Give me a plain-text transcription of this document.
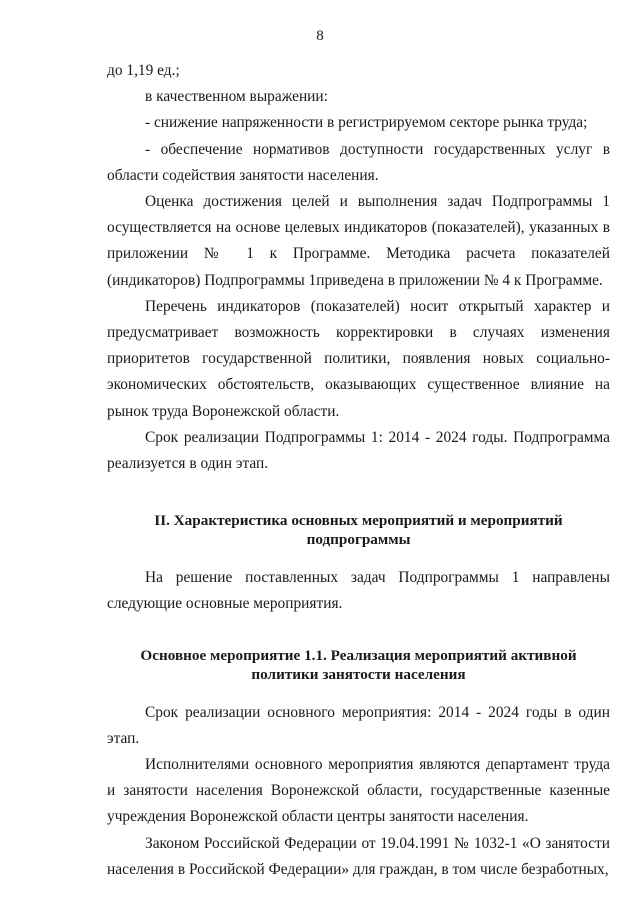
8

до 1,19 ед.;

в качественном выражении:

- снижение напряженности в регистрируемом секторе рынка труда;

- обеспечение нормативов доступности государственных услуг в области содействия занятости населения.

Оценка достижения целей и выполнения задач Подпрограммы 1 осуществляется на основе целевых индикаторов (показателей), указанных в приложении № 1 к Программе. Методика расчета показателей (индикаторов) Подпрограммы 1приведена в приложении № 4 к Программе.

Перечень индикаторов (показателей) носит открытый характер и предусматривает возможность корректировки в случаях изменения приоритетов государственной политики, появления новых социально-экономических обстоятельств, оказывающих существенное влияние на рынок труда Воронежской области.

Срок реализации Подпрограммы 1: 2014 - 2024 годы. Подпрограмма реализуется в один этап.

II. Характеристика основных мероприятий и мероприятий подпрограммы

На решение поставленных задач Подпрограммы 1 направлены следующие основные мероприятия.

Основное мероприятие 1.1. Реализация мероприятий активной политики занятости населения

Срок реализации основного мероприятия: 2014 - 2024 годы в один этап.

Исполнителями основного мероприятия являются департамент труда и занятости населения Воронежской области, государственные казенные учреждения Воронежской области центры занятости населения.

Законом Российской Федерации от 19.04.1991 № 1032-1 «О занятости населения в Российской Федерации» для граждан, в том числе безработных,
